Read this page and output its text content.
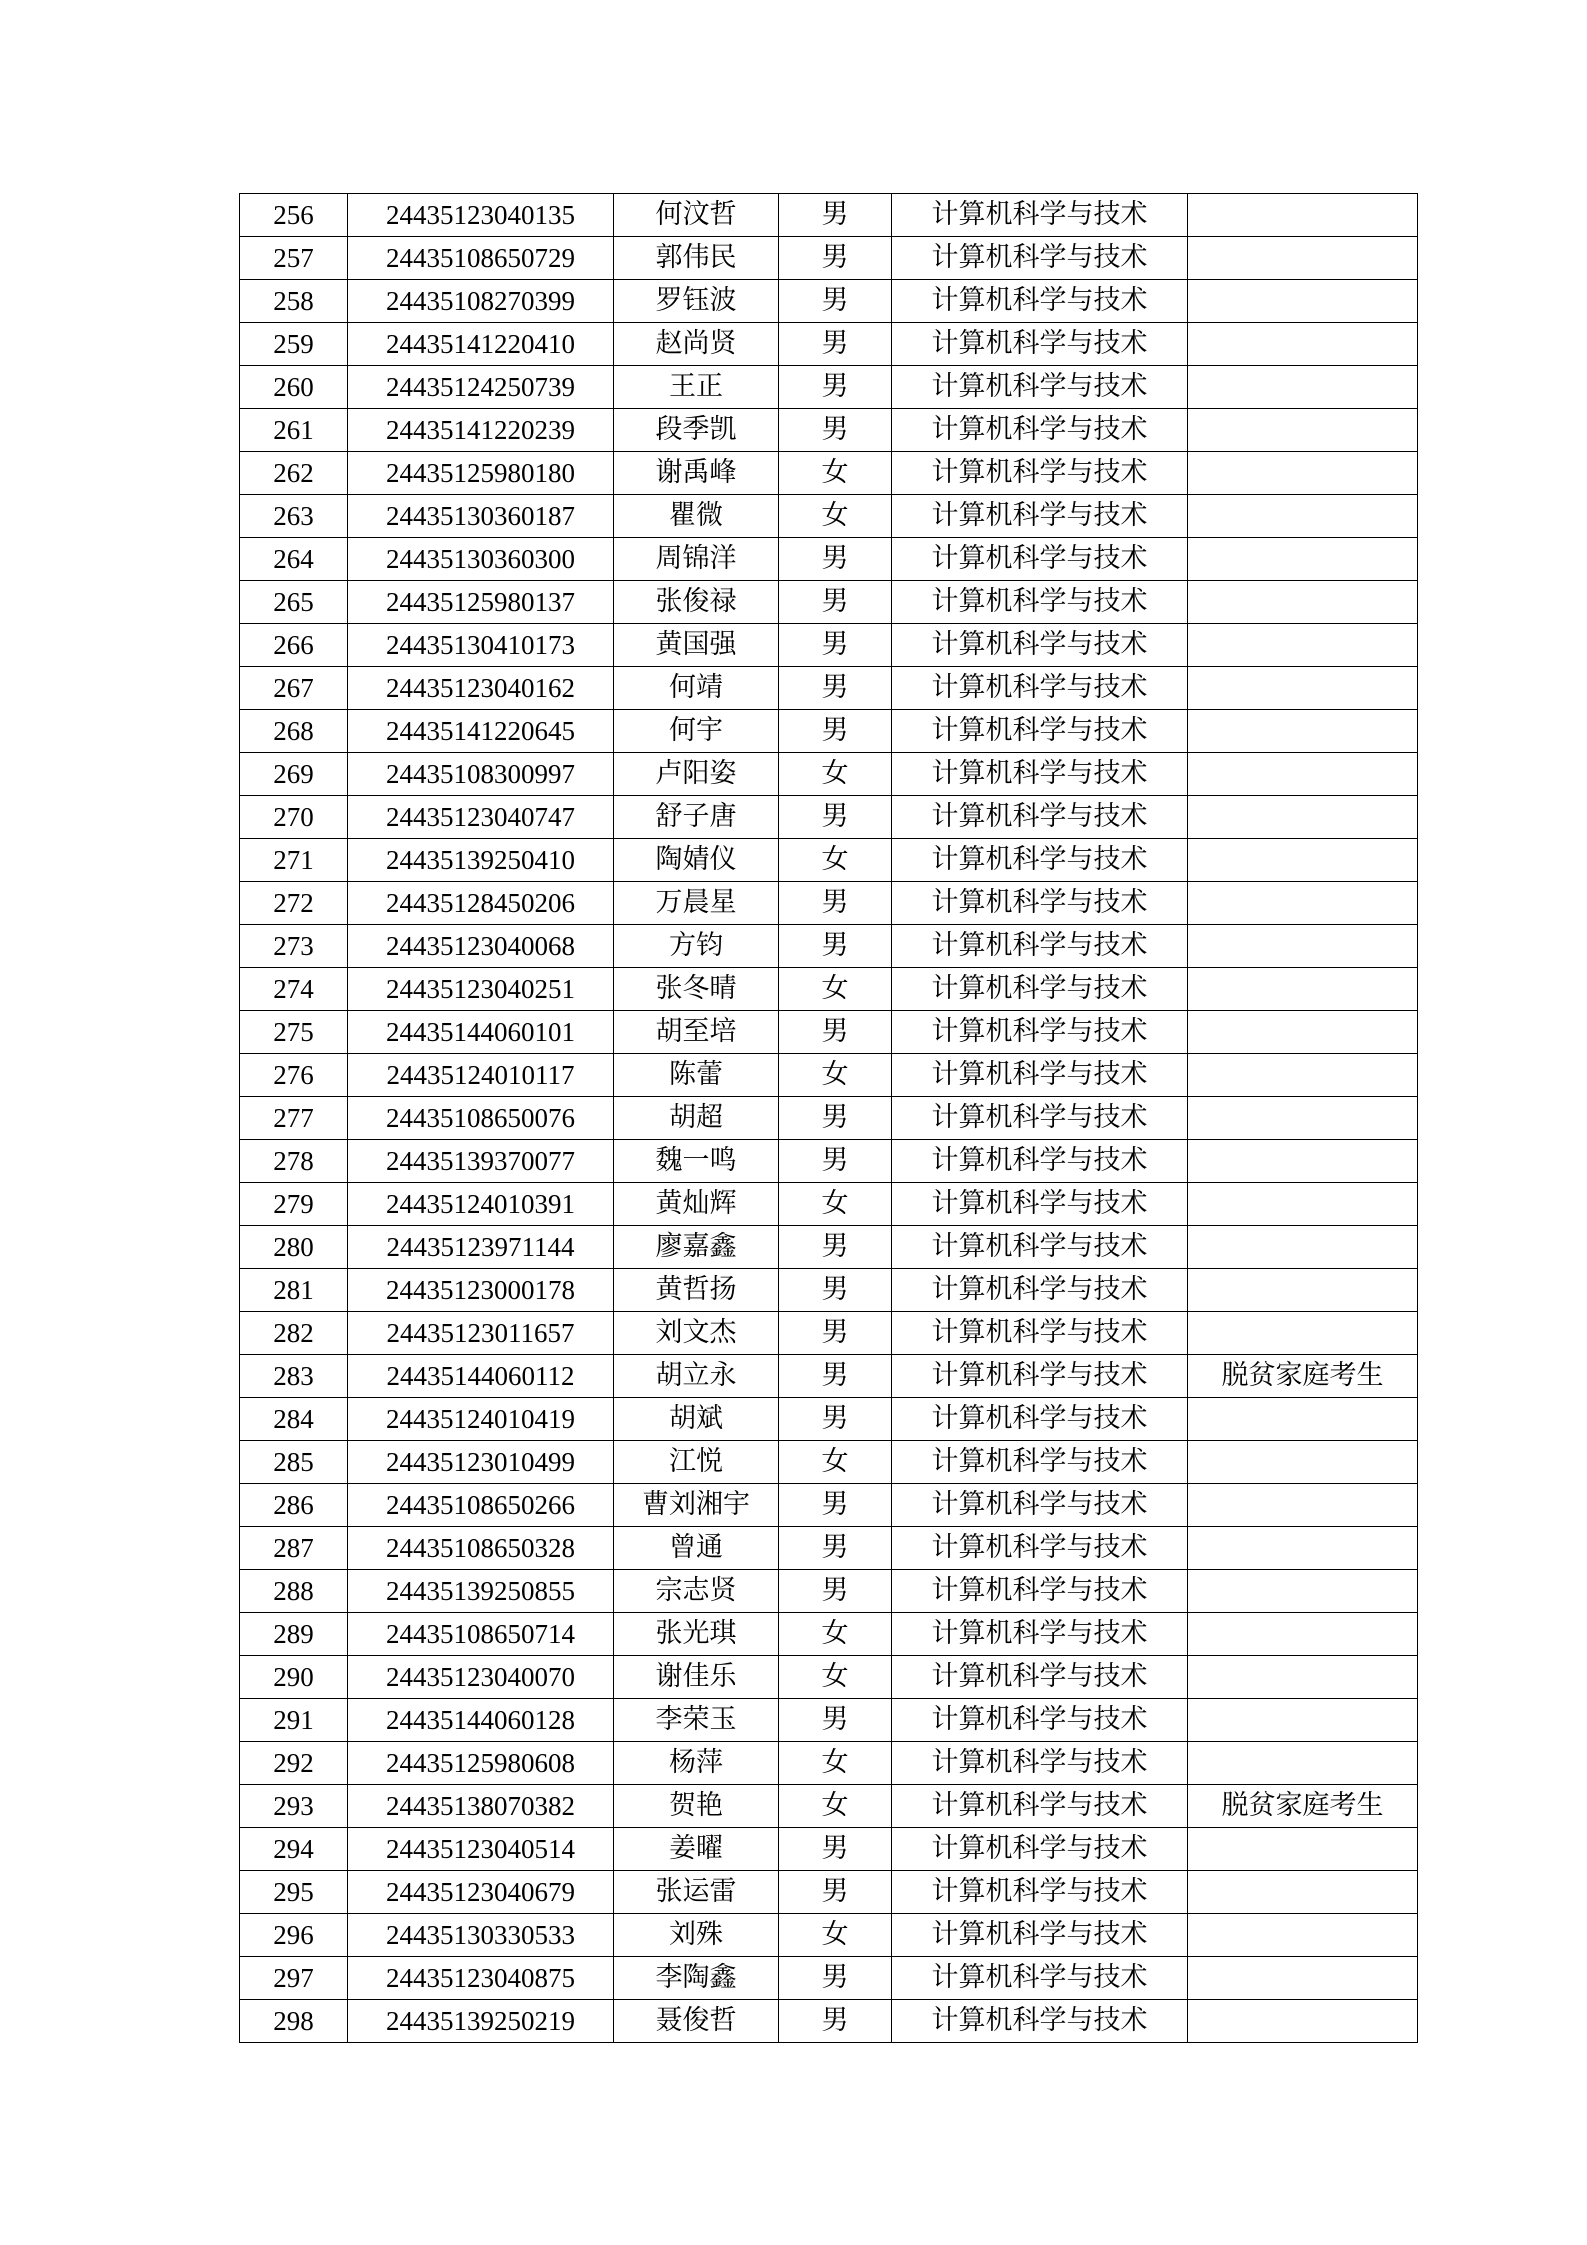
256	24435123040135	何汶哲	男	计算机科学与技术	
257	24435108650729	郭伟民	男	计算机科学与技术	
258	24435108270399	罗钰波	男	计算机科学与技术	
259	24435141220410	赵尚贤	男	计算机科学与技术	
260	24435124250739	王正	男	计算机科学与技术	
261	24435141220239	段季凯	男	计算机科学与技术	
262	24435125980180	谢禹峰	女	计算机科学与技术	
263	24435130360187	瞿微	女	计算机科学与技术	
264	24435130360300	周锦洋	男	计算机科学与技术	
265	24435125980137	张俊禄	男	计算机科学与技术	
266	24435130410173	黄国强	男	计算机科学与技术	
267	24435123040162	何靖	男	计算机科学与技术	
268	24435141220645	何宇	男	计算机科学与技术	
269	24435108300997	卢阳姿	女	计算机科学与技术	
270	24435123040747	舒子唐	男	计算机科学与技术	
271	24435139250410	陶婧仪	女	计算机科学与技术	
272	24435128450206	万晨星	男	计算机科学与技术	
273	24435123040068	方钧	男	计算机科学与技术	
274	24435123040251	张冬晴	女	计算机科学与技术	
275	24435144060101	胡至培	男	计算机科学与技术	
276	24435124010117	陈蕾	女	计算机科学与技术	
277	24435108650076	胡超	男	计算机科学与技术	
278	24435139370077	魏一鸣	男	计算机科学与技术	
279	24435124010391	黄灿辉	女	计算机科学与技术	
280	24435123971144	廖嘉鑫	男	计算机科学与技术	
281	24435123000178	黄哲扬	男	计算机科学与技术	
282	24435123011657	刘文杰	男	计算机科学与技术	
283	24435144060112	胡立永	男	计算机科学与技术	脱贫家庭考生
284	24435124010419	胡斌	男	计算机科学与技术	
285	24435123010499	江悦	女	计算机科学与技术	
286	24435108650266	曹刘湘宇	男	计算机科学与技术	
287	24435108650328	曾通	男	计算机科学与技术	
288	24435139250855	宗志贤	男	计算机科学与技术	
289	24435108650714	张光琪	女	计算机科学与技术	
290	24435123040070	谢佳乐	女	计算机科学与技术	
291	24435144060128	李荣玉	男	计算机科学与技术	
292	24435125980608	杨萍	女	计算机科学与技术	
293	24435138070382	贺艳	女	计算机科学与技术	脱贫家庭考生
294	24435123040514	姜曜	男	计算机科学与技术	
295	24435123040679	张运雷	男	计算机科学与技术	
296	24435130330533	刘殊	女	计算机科学与技术	
297	24435123040875	李陶鑫	男	计算机科学与技术	
298	24435139250219	聂俊哲	男	计算机科学与技术	
